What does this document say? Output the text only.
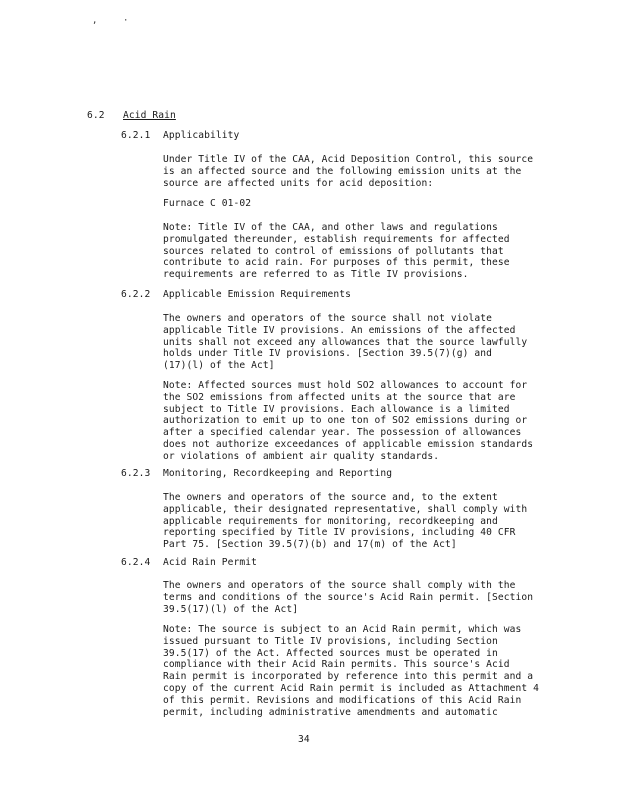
‚	·
6.2 Acid Rain
6.2.1 Applicability
Under Title IV of the CAA, Acid Deposition Control, this source
is an affected source and the following emission units at the
source are affected units for acid deposition:
Furnace C 01-02
Note: Title IV of the CAA, and other laws and regulations
promulgated thereunder, establish requirements for affected
sources related to control of emissions of pollutants that
contribute to acid rain. For purposes of this permit, these
requirements are referred to as Title IV provisions.
6.2.2 Applicable Emission Requirements
The owners and operators of the source shall not violate
applicable Title IV provisions. An emissions of the affected
units shall not exceed any allowances that the source lawfully
holds under Title IV provisions. [Section 39.5(7)(g) and
(17)(l) of the Act]
Note: Affected sources must hold SO2 allowances to account for
the SO2 emissions from affected units at the source that are
subject to Title IV provisions. Each allowance is a limited
authorization to emit up to one ton of SO2 emissions during or
after a specified calendar year. The possession of allowances
does not authorize exceedances of applicable emission standards
or violations of ambient air quality standards.
6.2.3 Monitoring, Recordkeeping and Reporting
The owners and operators of the source and, to the extent
applicable, their designated representative, shall comply with
applicable requirements for monitoring, recordkeeping and
reporting specified by Title IV provisions, including 40 CFR
Part 75. [Section 39.5(7)(b) and 17(m) of the Act]
6.2.4 Acid Rain Permit
The owners and operators of the source shall comply with the
terms and conditions of the source's Acid Rain permit. [Section
39.5(17)(l) of the Act]
Note: The source is subject to an Acid Rain permit, which was
issued pursuant to Title IV provisions, including Section
39.5(17) of the Act. Affected sources must be operated in
compliance with their Acid Rain permits. This source's Acid
Rain permit is incorporated by reference into this permit and a
copy of the current Acid Rain permit is included as Attachment 4
of this permit. Revisions and modifications of this Acid Rain
permit, including administrative amendments and automatic
34
